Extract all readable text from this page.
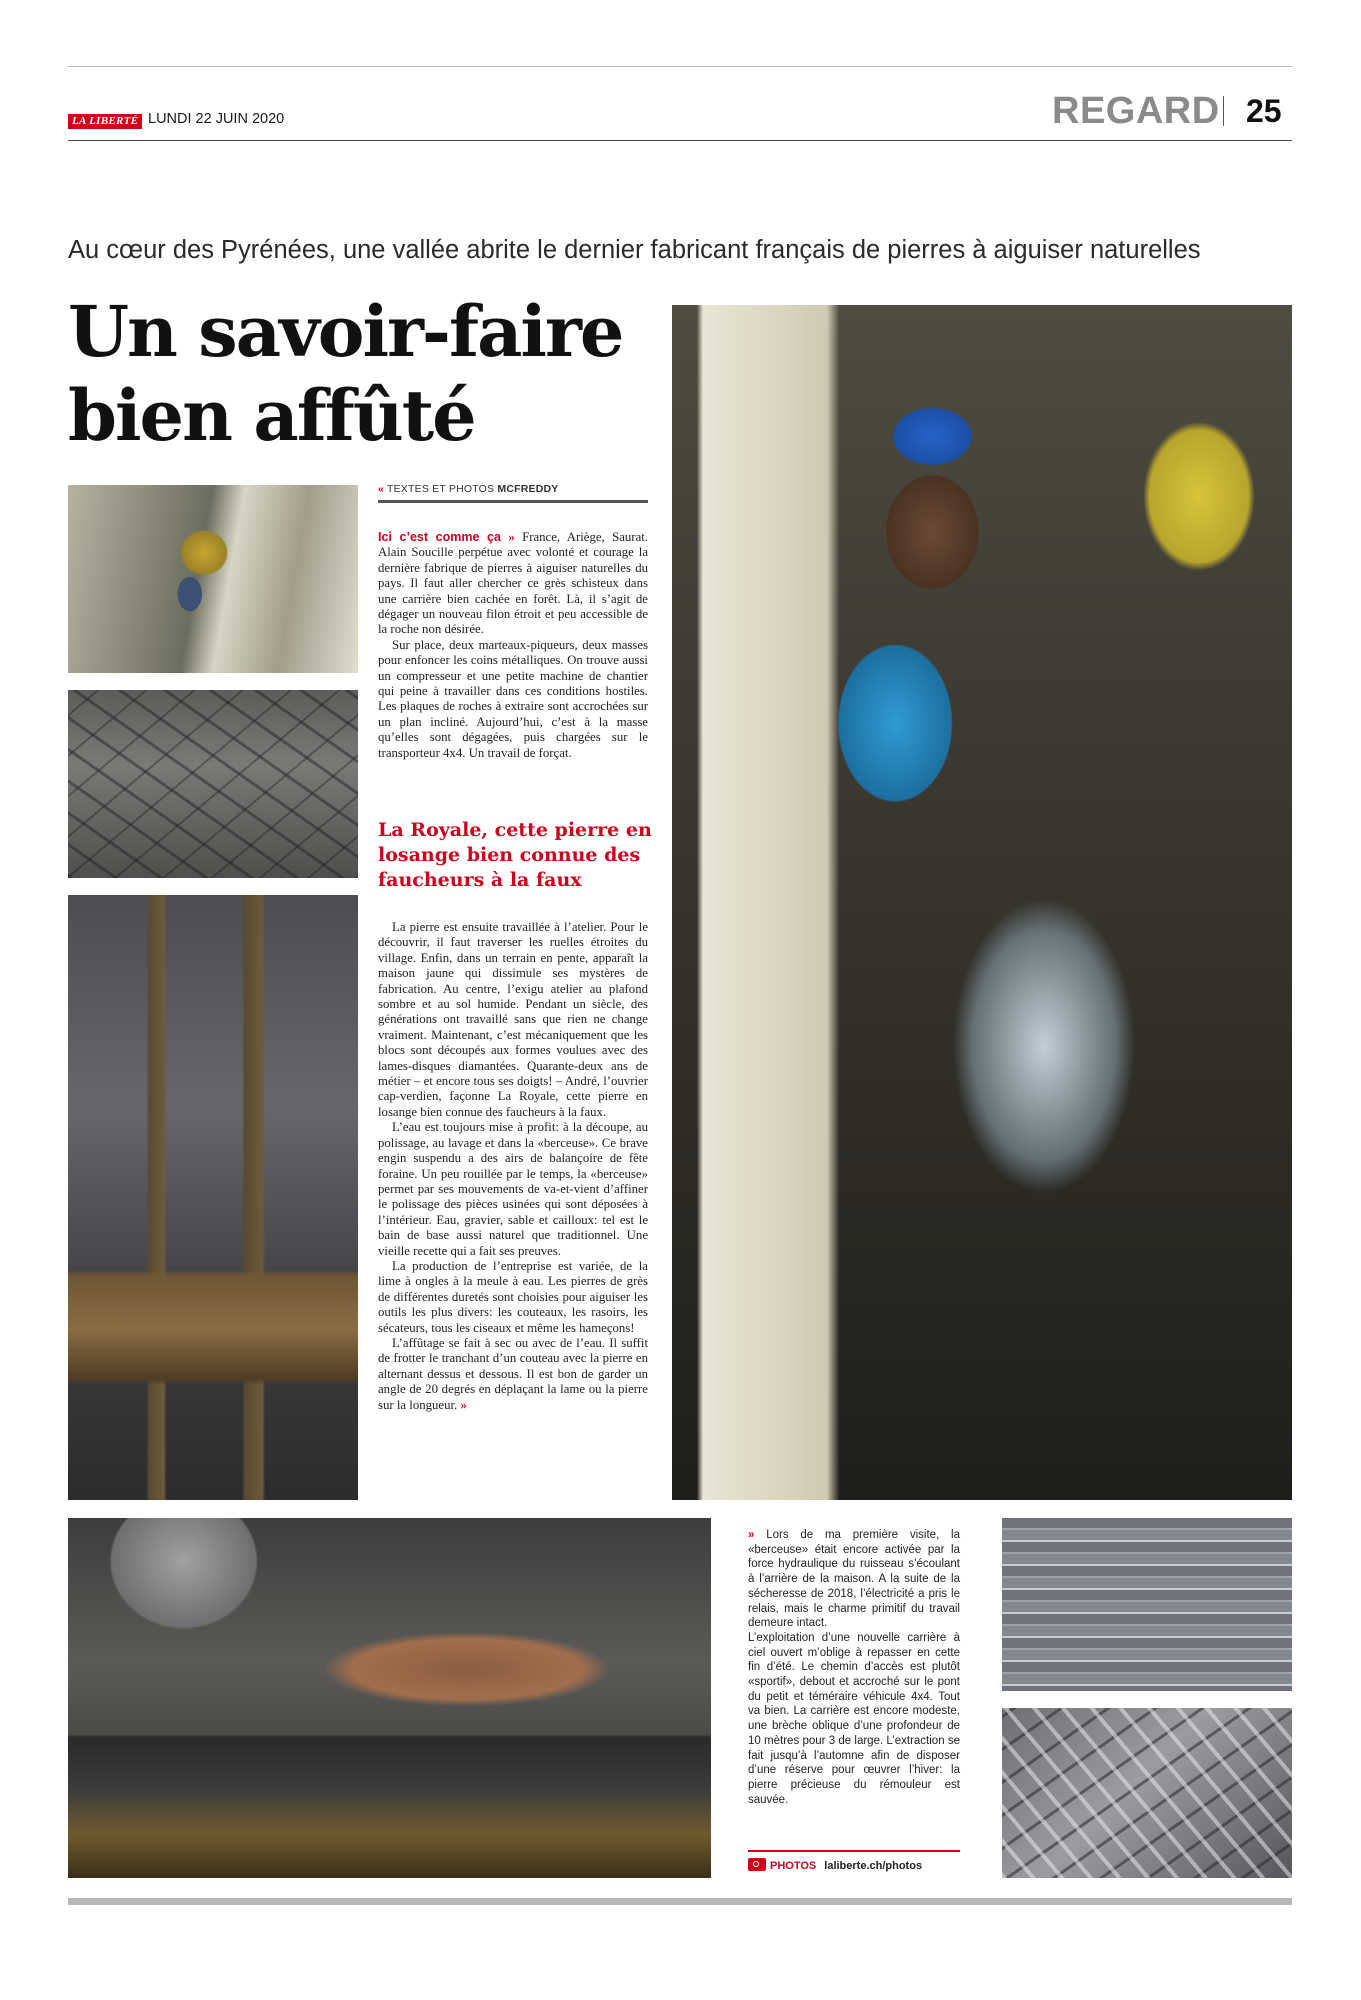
LA LIBERTÉ LUNDI 22 JUIN 2020	REGARD 25
Au cœur des Pyrénées, une vallée abrite le dernier fabricant français de pierres à aiguiser naturelles
Un savoir-faire
bien affûté
« TEXTES ET PHOTOS MCFREDDY

Ici c’est comme ça » France, Ariège, Saurat. Alain Soucille perpétue avec volonté et courage la dernière fabrique de pierres à aiguiser naturelles du pays. Il faut aller chercher ce grès schisteux dans une carrière bien cachée en forêt. Là, il s’agit de dégager un nouveau filon étroit et peu accessible de la roche non désirée.

Sur place, deux marteaux-piqueurs, deux masses pour enfoncer les coins métalliques. On trouve aussi un compresseur et une petite machine de chantier qui peine à travailler dans ces conditions hostiles. Les plaques de roches à extraire sont accrochées sur un plan incliné. Aujourd’hui, c’est à la masse qu’elles sont dégagées, puis chargées sur le transporteur 4x4. Un travail de forçat.

La Royale, cette pierre en losange bien connue des faucheurs à la faux

La pierre est ensuite travaillée à l’atelier. Pour le découvrir, il faut traverser les ruelles étroites du village. Enfin, dans un terrain en pente, apparaît la maison jaune qui dissimule ses mystères de fabrication. Au centre, l’exigu atelier au plafond sombre et au sol humide. Pendant un siècle, des générations ont travaillé sans que rien ne change vraiment. Maintenant, c’est mécaniquement que les blocs sont découpés aux formes voulues avec des lames-disques diamantées. Quarante-deux ans de métier – et encore tous ses doigts! – André, l’ouvrier cap-verdien, façonne La Royale, cette pierre en losange bien connue des faucheurs à la faux.

L’eau est toujours mise à profit: à la découpe, au polissage, au lavage et dans la «berceuse». Ce brave engin suspendu a des airs de balançoire de fête foraine. Un peu rouillée par le temps, la «berceuse» permet par ses mouvements de va-et-vient d’affiner le polissage des pièces usinées qui sont déposées à l’intérieur. Eau, gravier, sable et cailloux: tel est le bain de base aussi naturel que traditionnel. Une vieille recette qui a fait ses preuves.

La production de l’entreprise est variée, de la lime à ongles à la meule à eau. Les pierres de grès de différentes duretés sont choisies pour aiguiser les outils les plus divers: les couteaux, les rasoirs, les sécateurs, tous les ciseaux et même les hameçons!

L’affûtage se fait à sec ou avec de l’eau. Il suffit de frotter le tranchant d’un couteau avec la pierre en alternant dessus et dessous. Il est bon de garder un angle de 20 degrés en déplaçant la lame ou la pierre sur la longueur. »

» Lors de ma première visite, la «berceuse» était encore activée par la force hydraulique du ruisseau s’écoulant à l’arrière de la maison. A la suite de la sécheresse de 2018, l’électricité a pris le relais, mais le charme primitif du travail demeure intact.

L’exploitation d’une nouvelle carrière à ciel ouvert m’oblige à repasser en cette fin d’été. Le chemin d’accès est plutôt «sportif», debout et accroché sur le pont du petit et téméraire véhicule 4x4. Tout va bien. La carrière est encore modeste, une brèche oblique d’une profondeur de 10 mètres pour 3 de large. L’extraction se fait jusqu’à l’automne afin de disposer d’une réserve pour œuvrer l’hiver: la pierre précieuse du rémouleur est sauvée.

PHOTOS laliberte.ch/photos
